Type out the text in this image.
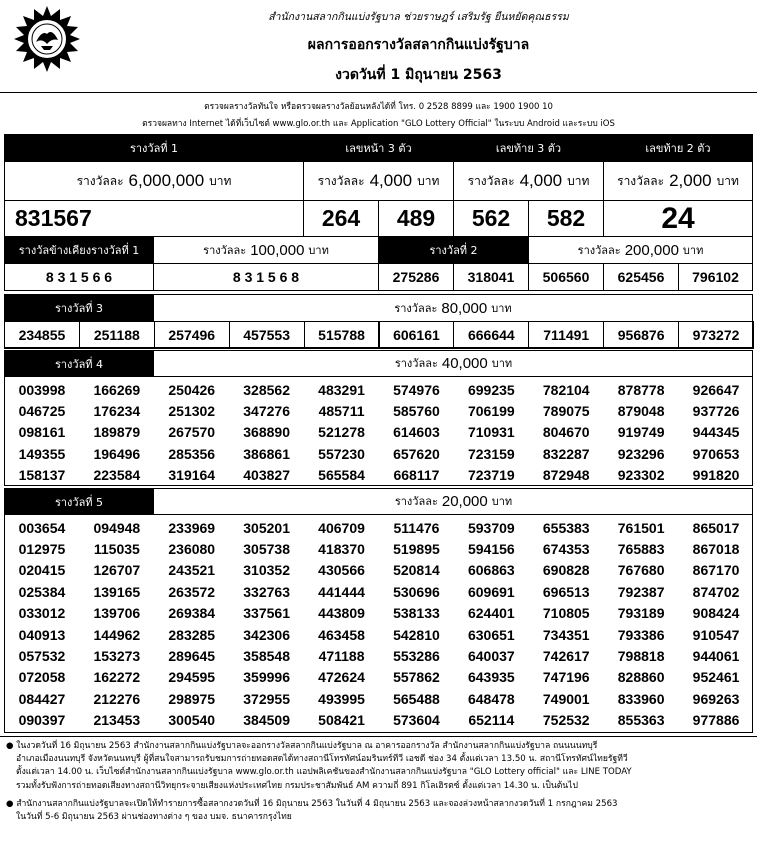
สำนักงานสลากกินแบ่งรัฐบาล ช่วยราษฎร์ เสริมรัฐ ยืนหยัดคุณธรรม
ผลการออกรางวัลสลากกินแบ่งรัฐบาล
งวดวันที่ 1 มิถุนายน 2563
ตรวจผลรางวัลทันใจ หรือตรวจผลรางวัลย้อนหลังได้ที่ โทร. 0 2528 8899 และ 1900 1900 10
ตรวจผลทาง Internet ได้ที่เว็บไซต์ www.glo.or.th และ Application "GLO Lottery Official" ในระบบ Android และระบบ iOS
รางวัลที่ 1	เลขหน้า 3 ตัว	เลขท้าย 3 ตัว	เลขท้าย 2 ตัว
รางวัลละ 6,000,000 บาท	รางวัลละ 4,000 บาท รางวัลละ 4,000 บาท รางวัลละ 2,000 บาท
831567	264	489	562	582	24
รางวัลข้างเคียงรางวัลที่ 1	รางวัลละ 100,000 บาท	รางวัลที่ 2	รางวัลละ 200,000 บาท
8 3 1 5 6 6	8 3 1 5 6 8	275286	318041	506560	625456	796102
รางวัลที่ 3	รางวัลละ 80,000 บาท
234855	251188	257496	457553	515788	606161	666644	711491	956876	973272
รางวัลที่ 4	รางวัลละ 40,000 บาท
003998	166269	250426	328562	483291	574976	699235	782104	878778	926647
046725	176234	251302	347276	485711	585760	706199	789075	879048	937726
098161	189879	267570	368890	521278	614603	710931	804670	919749	944345
149355	196496	285356	386861	557230	657620	723159	832287	923296	970653
158137	223584	319164	403827	565584	668117	723719	872948	923302	991820
รางวัลที่ 5	รางวัลละ 20,000 บาท
003654	094948	233969	305201	406709	511476	593709	655383	761501	865017
012975	115035	236080	305738	418370	519895	594156	674353	765883	867018
020415	126707	243521	310352	430566	520814	606863	690828	767680	867170
025384	139165	263572	332763	441444	530696	609691	696513	792387	874702
033012	139706	269384	337561	443809	538133	624401	710805	793189	908424
040913	144962	283285	342306	463458	542810	630651	734351	793386	910547
057532	153273	289645	358548	471188	553286	640037	742617	798818	944061
072058	162272	294595	359996	472624	557862	643935	747196	828860	952461
084427	212276	298975	372955	493995	565488	648478	749001	833960	969263
090397	213453	300540	384509	508421	573604	652114	752532	855363	977886
● ในงวดวันที่ 16 มิถุนายน 2563 สำนักงานสลากกินแบ่งรัฐบาลจะออกรางวัลสลากกินแบ่งรัฐบาล ณ อาคารออกรางวัล สำนักงานสลากกินแบ่งรัฐบาล ถนนนนทบุรี
อำเภอเมืองนนทบุรี จังหวัดนนทบุรี ผู้ที่สนใจสามารถรับชมการถ่ายทอดสดได้ทางสถานีโทรทัศน์อมรินทร์ทีวี เอชดี ช่อง 34 ตั้งแต่เวลา 13.50 น. สถานีโทรทัศน์ไทยรัฐทีวี
ตั้งแต่เวลา 14.00 น. เว็บไซต์สำนักงานสลากกินแบ่งรัฐบาล www.glo.or.th แอปพลิเคชันของสำนักงานสลากกินแบ่งรัฐบาล "GLO Lottery official" และ LINE TODAY
รวมทั้งรับฟังการถ่ายทอดเสียงทางสถานีวิทยุกระจายเสียงแห่งประเทศไทย กรมประชาสัมพันธ์ AM ความถี่ 891 กิโลเฮิรตซ์ ตั้งแต่เวลา 14.30 น. เป็นต้นไป
● สำนักงานสลากกินแบ่งรัฐบาลจะเปิดให้ทำรายการซื้อสลากงวดวันที่ 16 มิถุนายน 2563 ในวันที่ 4 มิถุนายน 2563 และจองล่วงหน้าสลากงวดวันที่ 1 กรกฎาคม 2563
ในวันที่ 5-6 มิถุนายน 2563 ผ่านช่องทางต่าง ๆ ของ บมจ. ธนาคารกรุงไทย
